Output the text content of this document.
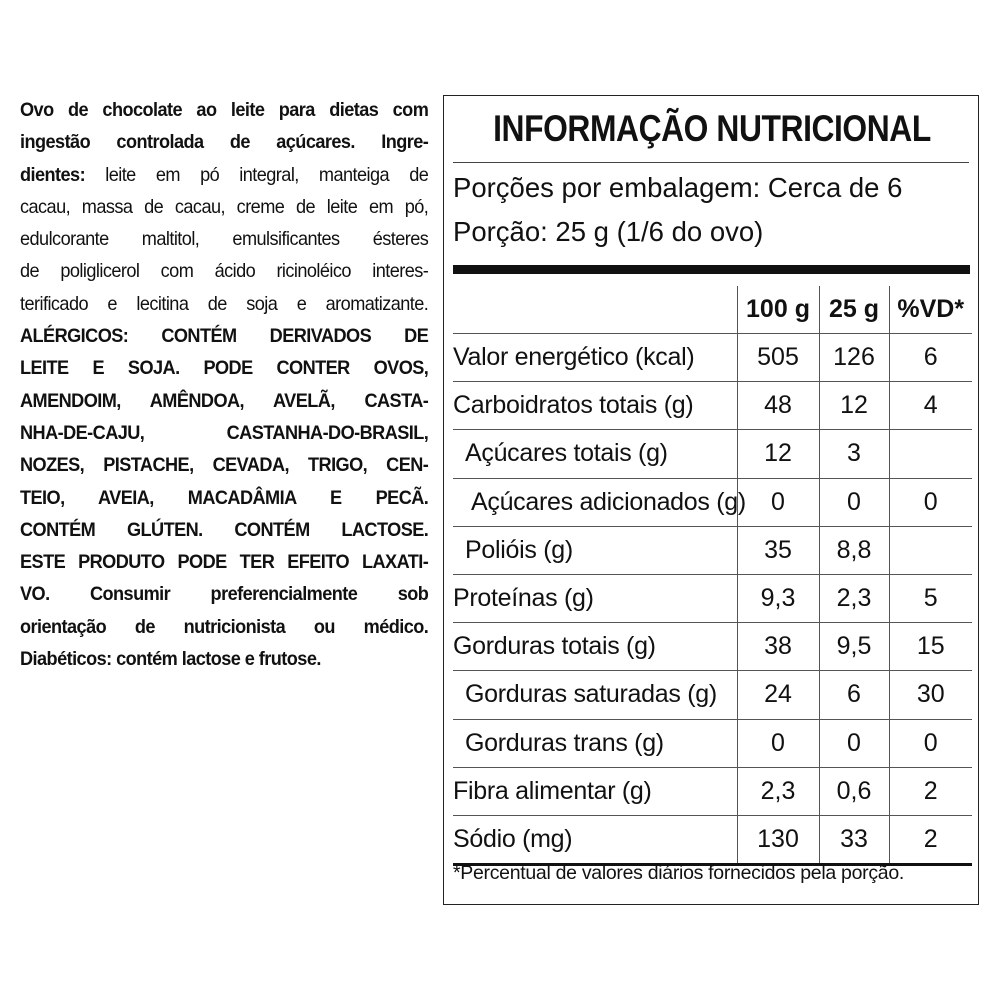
Ovo de chocolate ao leite para dietas com
ingestão controlada de açúcares. Ingre-
dientes: leite em pó integral, manteiga de
cacau, massa de cacau, creme de leite em pó,
edulcorante maltitol, emulsificantes ésteres
de poliglicerol com ácido ricinoléico interes-
terificado e lecitina de soja e aromatizante.
ALÉRGICOS: CONTÉM DERIVADOS DE
LEITE E SOJA. PODE CONTER OVOS,
AMENDOIM, AMÊNDOA, AVELÃ, CASTA-
NHA-DE-CAJU, CASTANHA-DO-BRASIL,
NOZES, PISTACHE, CEVADA, TRIGO, CEN-
TEIO, AVEIA, MACADÂMIA E PECÃ.
CONTÉM GLÚTEN. CONTÉM LACTOSE.
ESTE PRODUTO PODE TER EFEITO LAXATI-
VO. Consumir preferencialmente sob
orientação de nutricionista ou médico.
Diabéticos: contém lactose e frutose.
INFORMAÇÃO NUTRICIONAL
Porções por embalagem: Cerca de 6
Porção: 25 g (1/6 do ovo)
	100 g	25 g	%VD*
Valor energético (kcal)	505	126	6
Carboidratos totais (g)	48	12	4
Açúcares totais (g)	12	3	
Açúcares adicionados (g)	0	0	0
Polióis (g)	35	8,8	
Proteínas (g)	9,3	2,3	5
Gorduras totais (g)	38	9,5	15
Gorduras saturadas (g)	24	6	30
Gorduras trans (g)	0	0	0
Fibra alimentar (g)	2,3	0,6	2
Sódio (mg)	130	33	2
*Percentual de valores diários fornecidos pela porção.
